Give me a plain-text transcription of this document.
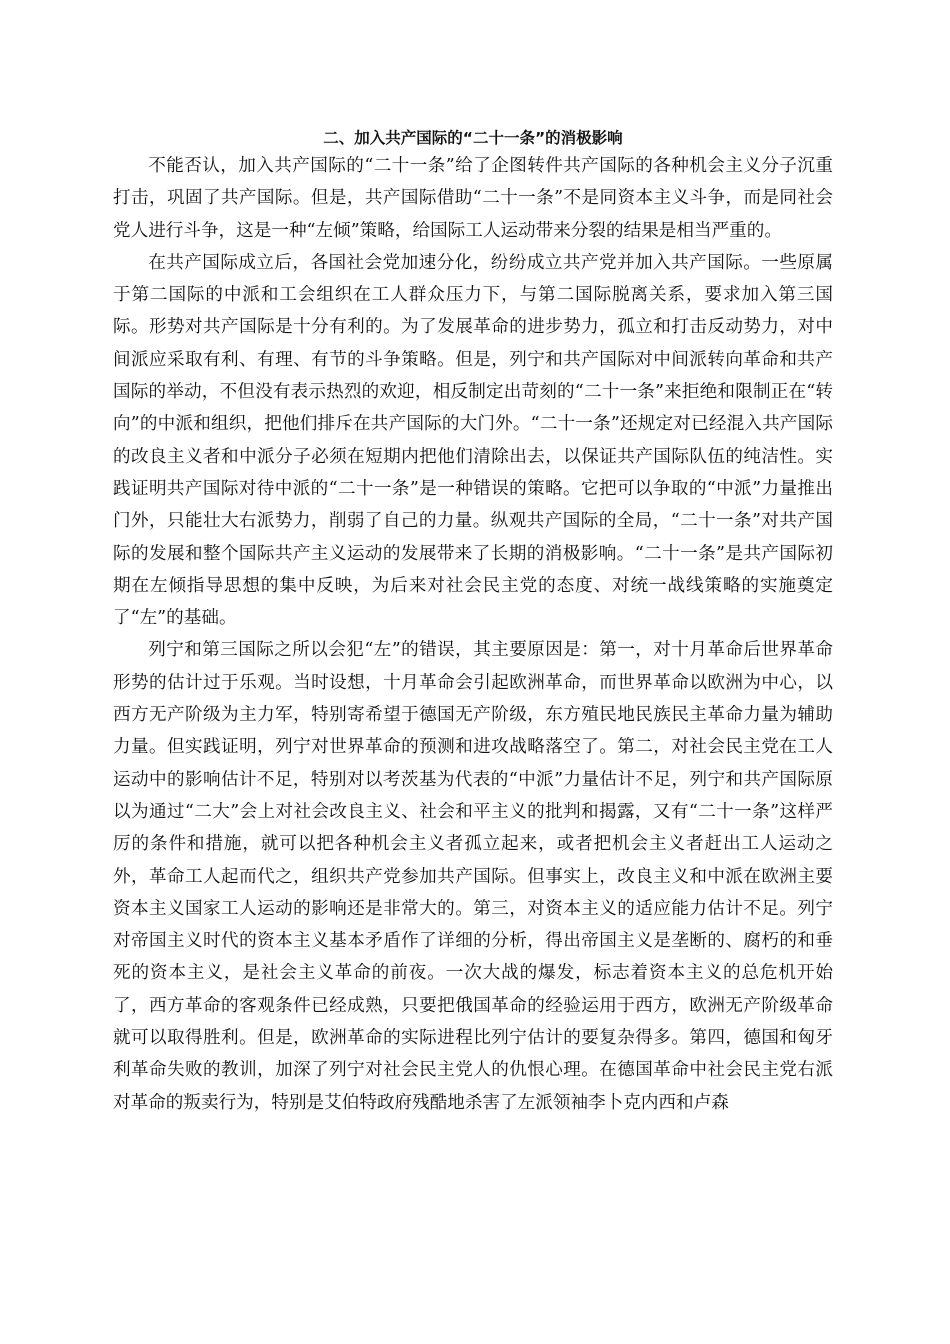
二、加入共产国际的“二十一条”的消极影响

不能否认，加入共产国际的“二十一条”给了企图转件共产国际的各种机会主义分子沉重打击，巩固了共产国际。但是，共产国际借助“二十一条”不是同资本主义斗争，而是同社会党人进行斗争，这是一种“左倾”策略，给国际工人运动带来分裂的结果是相当严重的。

在共产国际成立后，各国社会党加速分化，纷纷成立共产党并加入共产国际。一些原属于第二国际的中派和工会组织在工人群众压力下，与第二国际脱离关系，要求加入第三国际。形势对共产国际是十分有利的。为了发展革命的进步势力，孤立和打击反动势力，对中间派应采取有利、有理、有节的斗争策略。但是，列宁和共产国际对中间派转向革命和共产国际的举动，不但没有表示热烈的欢迎，相反制定出苛刻的“二十一条”来拒绝和限制正在“转向”的中派和组织，把他们排斥在共产国际的大门外。“二十一条”还规定对已经混入共产国际的改良主义者和中派分子必须在短期内把他们清除出去，以保证共产国际队伍的纯洁性。实践证明共产国际对待中派的“二十一条”是一种错误的策略。它把可以争取的“中派”力量推出门外，只能壮大右派势力，削弱了自己的力量。纵观共产国际的全局，“二十一条”对共产国际的发展和整个国际共产主义运动的发展带来了长期的消极影响。“二十一条”是共产国际初期在左倾指导思想的集中反映，为后来对社会民主党的态度、对统一战线策略的实施奠定了“左”的基础。

列宁和第三国际之所以会犯“左”的错误，其主要原因是：第一，对十月革命后世界革命形势的估计过于乐观。当时设想，十月革命会引起欧洲革命，而世界革命以欧洲为中心，以西方无产阶级为主力军，特别寄希望于德国无产阶级，东方殖民地民族民主革命力量为辅助力量。但实践证明，列宁对世界革命的预测和进攻战略落空了。第二，对社会民主党在工人运动中的影响估计不足，特别对以考茨基为代表的“中派”力量估计不足，列宁和共产国际原以为通过“二大”会上对社会改良主义、社会和平主义的批判和揭露，又有“二十一条”这样严厉的条件和措施，就可以把各种机会主义者孤立起来，或者把机会主义者赶出工人运动之外，革命工人起而代之，组织共产党参加共产国际。但事实上，改良主义和中派在欧洲主要资本主义国家工人运动的影响还是非常大的。第三，对资本主义的适应能力估计不足。列宁对帝国主义时代的资本主义基本矛盾作了详细的分析，得出帝国主义是垄断的、腐朽的和垂死的资本主义，是社会主义革命的前夜。一次大战的爆发，标志着资本主义的总危机开始了，西方革命的客观条件已经成熟，只要把俄国革命的经验运用于西方，欧洲无产阶级革命就可以取得胜利。但是，欧洲革命的实际进程比列宁估计的要复杂得多。第四，德国和匈牙利革命失败的教训，加深了列宁对社会民主党人的仇恨心理。在德国革命中社会民主党右派对革命的叛卖行为，特别是艾伯特政府残酷地杀害了左派领袖李卜克内西和卢森
